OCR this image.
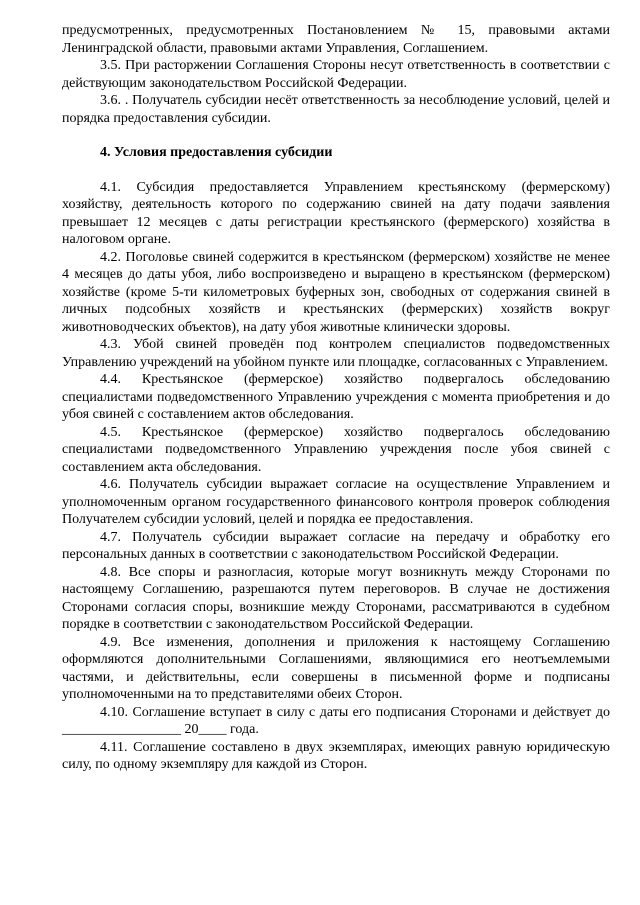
предусмотренных, предусмотренных Постановлением № 15, правовыми актами Ленинградской области, правовыми актами Управления, Соглашением.

3.5. При расторжении Соглашения Стороны несут ответственность в соответствии с действующим законодательством Российской Федерации.

3.6. . Получатель субсидии несёт ответственность за несоблюдение условий, целей и порядка предоставления субсидии.

4. Условия предоставления субсидии

4.1. Субсидия предоставляется Управлением крестьянскому (фермерскому) хозяйству, деятельность которого по содержанию свиней на дату подачи заявления превышает 12 месяцев с даты регистрации крестьянского (фермерского) хозяйства в налоговом органе.

4.2. Поголовье свиней содержится в крестьянском (фермерском) хозяйстве не менее 4 месяцев до даты убоя, либо воспроизведено и выращено в крестьянском (фермерском) хозяйстве (кроме 5-ти километровых буферных зон, свободных от содержания свиней в личных подсобных хозяйств и крестьянских (фермерских) хозяйств вокруг животноводческих объектов), на дату убоя животные клинически здоровы.

4.3. Убой свиней проведён под контролем специалистов подведомственных Управлению учреждений на убойном пункте или площадке, согласованных с Управлением.

4.4. Крестьянское (фермерское) хозяйство подвергалось обследованию специалистами подведомственного Управлению учреждения с момента приобретения и до убоя свиней с составлением актов обследования.

4.5. Крестьянское (фермерское) хозяйство подвергалось обследованию специалистами подведомственного Управлению учреждения после убоя свиней с составлением акта обследования.

4.6. Получатель субсидии выражает согласие на осуществление Управлением и уполномоченным органом государственного финансового контроля проверок соблюдения Получателем субсидии условий, целей и порядка ее предоставления.

4.7. Получатель субсидии выражает согласие на передачу и обработку его персональных данных в соответствии с законодательством Российской Федерации.

4.8. Все споры и разногласия, которые могут возникнуть между Сторонами по настоящему Соглашению, разрешаются путем переговоров. В случае не достижения Сторонами согласия споры, возникшие между Сторонами, рассматриваются в судебном порядке в соответствии с законодательством Российской Федерации.

4.9. Все изменения, дополнения и приложения к настоящему Соглашению оформляются дополнительными Соглашениями, являющимися его неотъемлемыми частями, и действительны, если совершены в письменной форме и подписаны уполномоченными на то представителями обеих Сторон.

4.10. Соглашение вступает в силу с даты его подписания Сторонами и действует до _________________ 20____ года.

4.11. Соглашение составлено в двух экземплярах, имеющих равную юридическую силу, по одному экземпляру для каждой из Сторон.
